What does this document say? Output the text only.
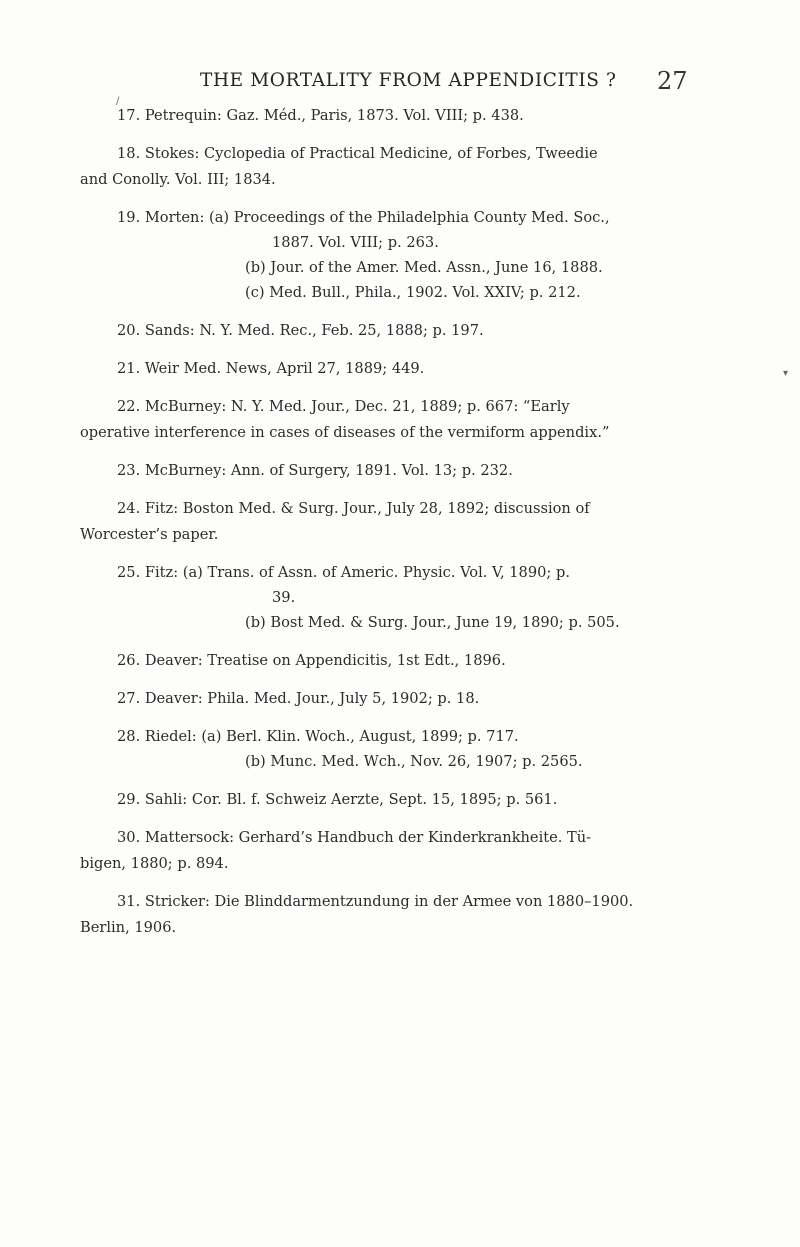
THE MORTALITY FROM APPENDICITIS ?	27
/
▾
17. Petrequin: Gaz. Méd., Paris, 1873. Vol. VIII; p. 438.
18. Stokes: Cyclopedia of Practical Medicine, of Forbes, Tweedie
and Conolly. Vol. III; 1834.
19. Morten: (a) Proceedings of the Philadelphia County Med. Soc.,
1887. Vol. VIII; p. 263.
(b) Jour. of the Amer. Med. Assn., June 16, 1888.
(c) Med. Bull., Phila., 1902. Vol. XXIV; p. 212.
20. Sands: N. Y. Med. Rec., Feb. 25, 1888; p. 197.
21. Weir Med. News, April 27, 1889; 449.
22. McBurney: N. Y. Med. Jour., Dec. 21, 1889; p. 667: “Early
operative interference in cases of diseases of the vermiform appendix.”
23. McBurney: Ann. of Surgery, 1891. Vol. 13; p. 232.
24. Fitz: Boston Med. & Surg. Jour., July 28, 1892; discussion of
Worcester’s paper.
25. Fitz: (a) Trans. of Assn. of Americ. Physic. Vol. V, 1890; p.
39.
(b) Bost Med. & Surg. Jour., June 19, 1890; p. 505.
26. Deaver: Treatise on Appendicitis, 1st Edt., 1896.
27. Deaver: Phila. Med. Jour., July 5, 1902; p. 18.
28. Riedel: (a) Berl. Klin. Woch., August, 1899; p. 717.
(b) Munc. Med. Wch., Nov. 26, 1907; p. 2565.
29. Sahli: Cor. Bl. f. Schweiz Aerzte, Sept. 15, 1895; p. 561.
30. Mattersock: Gerhard’s Handbuch der Kinderkrankheite. Tü-
bigen, 1880; p. 894.
31. Stricker: Die Blinddarmentzundung in der Armee von 1880–1900.
Berlin, 1906.
